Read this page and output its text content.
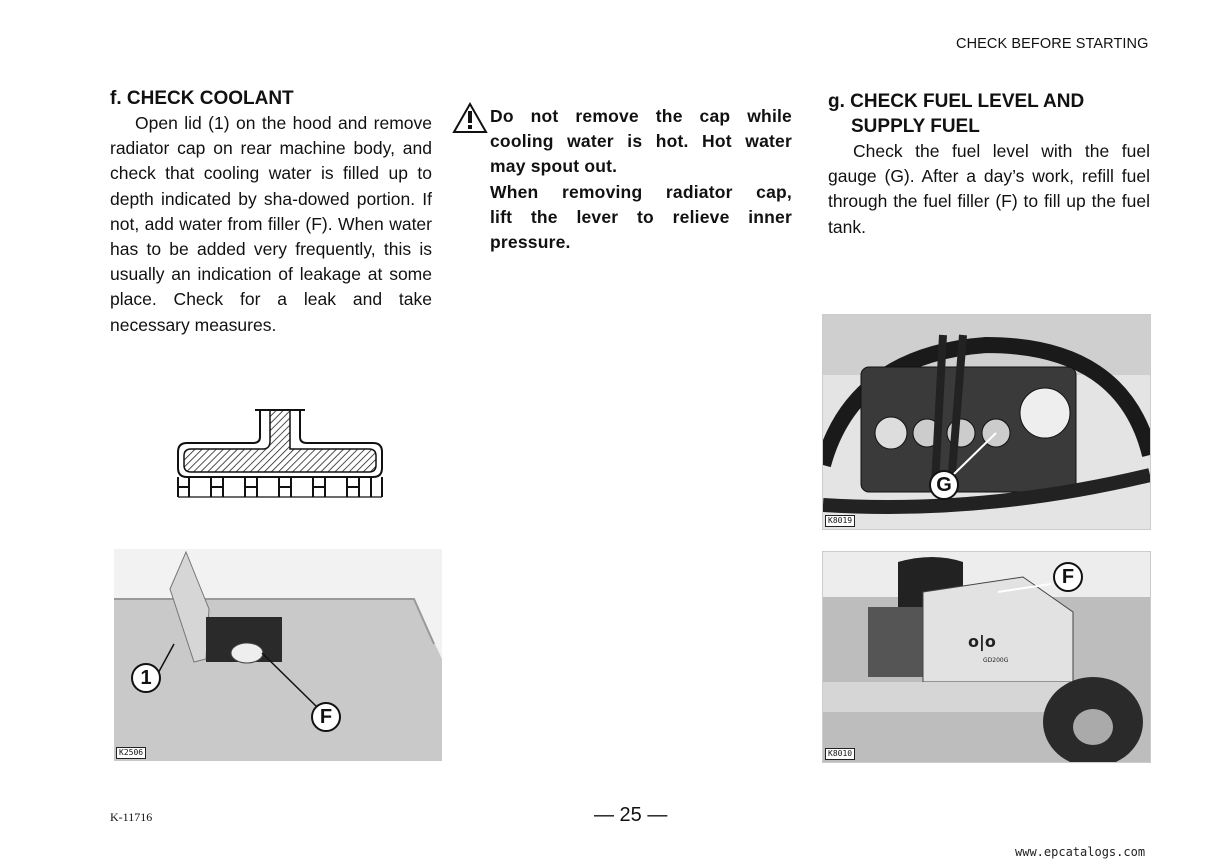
CHECK BEFORE STARTING
f. CHECK COOLANT

Open lid (1) on the hood and remove radiator cap on rear machine body, and check that cooling water is filled up to depth indicated by sha-dowed portion. If not, add water from filler (F). When water has to be added very frequently, this is usually an indication of leakage at some place. Check for a leak and take necessary measures.

1
F
K2506

Do not remove the cap while
cooling water is hot. Hot water
may spout out.
When removing radiator cap,
lift the lever to relieve inner
pressure.

g. CHECK FUEL LEVEL AND
SUPPLY FUEL

Check the fuel level with the fuel gauge (G). After a day’s work, refill fuel through the fuel filler (F) to fill up the fuel tank.

G
K8019
o|o
GD200G
F
K8010
K-11716	— 25 —
www.epcatalogs.com
